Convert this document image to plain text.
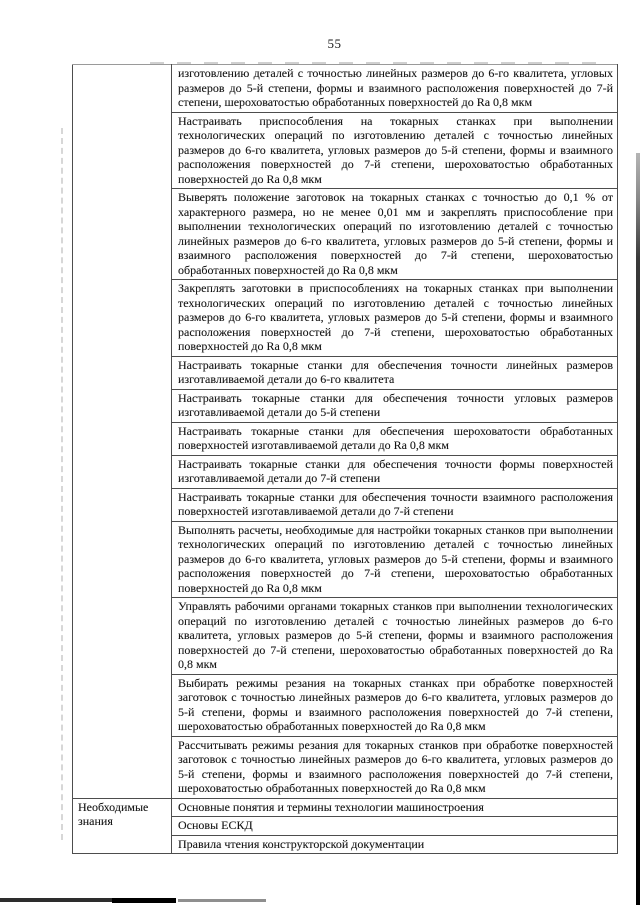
55
	изготовлению деталей с точностью линейных размеров до 6-го квалитета, угловых размеров до 5-й степени, формы и взаимного расположения поверхностей до 7-й степени, шероховатостью обработанных поверхностей до Ra 0,8 мкм
	Настраивать приспособления на токарных станках при выполнении технологических операций по изготовлению деталей с точностью линейных размеров до 6-го квалитета, угловых размеров до 5-й степени, формы и взаимного расположения поверхностей до 7-й степени, шероховатостью обработанных поверхностей до Ra 0,8 мкм
	Выверять положение заготовок на токарных станках с точностью до 0,1 % от характерного размера, но не менее 0,01 мм и закреплять приспособление при выполнении технологических операций по изготовлению деталей с точностью линейных размеров до 6-го квалитета, угловых размеров до 5-й степени, формы и взаимного расположения поверхностей до 7-й степени, шероховатостью обработанных поверхностей до Ra 0,8 мкм
	Закреплять заготовки в приспособлениях на токарных станках при выполнении технологических операций по изготовлению деталей с точностью линейных размеров до 6-го квалитета, угловых размеров до 5-й степени, формы и взаимного расположения поверхностей до 7-й степени, шероховатостью обработанных поверхностей до Ra 0,8 мкм
	Настраивать токарные станки для обеспечения точности линейных размеров изготавливаемой детали до 6-го квалитета
	Настраивать токарные станки для обеспечения точности угловых размеров изготавливаемой детали до 5-й степени
	Настраивать токарные станки для обеспечения шероховатости обработанных поверхностей изготавливаемой детали до Ra 0,8 мкм
	Настраивать токарные станки для обеспечения точности формы поверхностей изготавливаемой детали до 7-й степени
	Настраивать токарные станки для обеспечения точности взаимного расположения поверхностей изготавливаемой детали до 7-й степени
	Выполнять расчеты, необходимые для настройки токарных станков при выполнении технологических операций по изготовлению деталей с точностью линейных размеров до 6-го квалитета, угловых размеров до 5-й степени, формы и взаимного расположения поверхностей до 7-й степени, шероховатостью обработанных поверхностей до Ra 0,8 мкм
	Управлять рабочими органами токарных станков при выполнении технологических операций по изготовлению деталей с точностью линейных размеров до 6-го квалитета, угловых размеров до 5-й степени, формы и взаимного расположения поверхностей до 7-й степени, шероховатостью обработанных поверхностей до Ra 0,8 мкм
	Выбирать режимы резания на токарных станках при обработке поверхностей заготовок с точностью линейных размеров до 6-го квалитета, угловых размеров до 5-й степени, формы и взаимного расположения поверхностей до 7-й степени, шероховатостью обработанных поверхностей до Ra 0,8 мкм
	Рассчитывать режимы резания для токарных станков при обработке поверхностей заготовок с точностью линейных размеров до 6-го квалитета, угловых размеров до 5-й степени, формы и взаимного расположения поверхностей до 7-й степени, шероховатостью обработанных поверхностей до Ra 0,8 мкм
Необходимые знания	Основные понятия и термины технологии машиностроения
	Основы ЕСКД
	Правила чтения конструкторской документации
